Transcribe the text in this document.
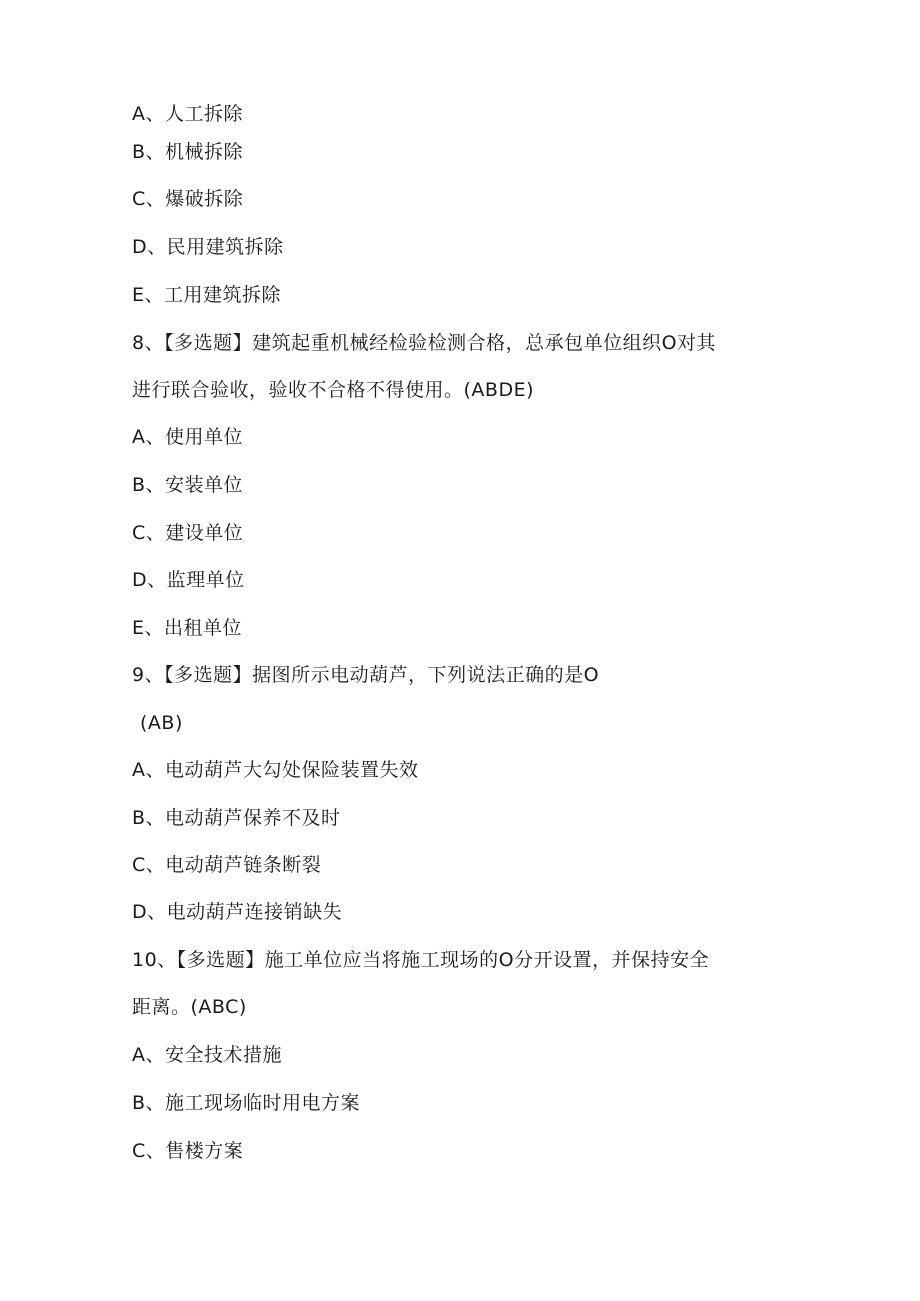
A、人工拆除
B、机械拆除
C、爆破拆除
D、民用建筑拆除
E、工用建筑拆除
8、【多选题】建筑起重机械经检验检测合格，总承包单位组织O对其
进行联合验收，验收不合格不得使用。(ABDE)
A、使用单位
B、安装单位
C、建设单位
D、监理单位
E、出租单位
9、【多选题】据图所示电动葫芦，下列说法正确的是O
(AB)
A、电动葫芦大勾处保险装置失效
B、电动葫芦保养不及时
C、电动葫芦链条断裂
D、电动葫芦连接销缺失
10、【多选题】施工单位应当将施工现场的O分开设置，并保持安全
距离。(ABC)
A、安全技术措施
B、施工现场临时用电方案
C、售楼方案
